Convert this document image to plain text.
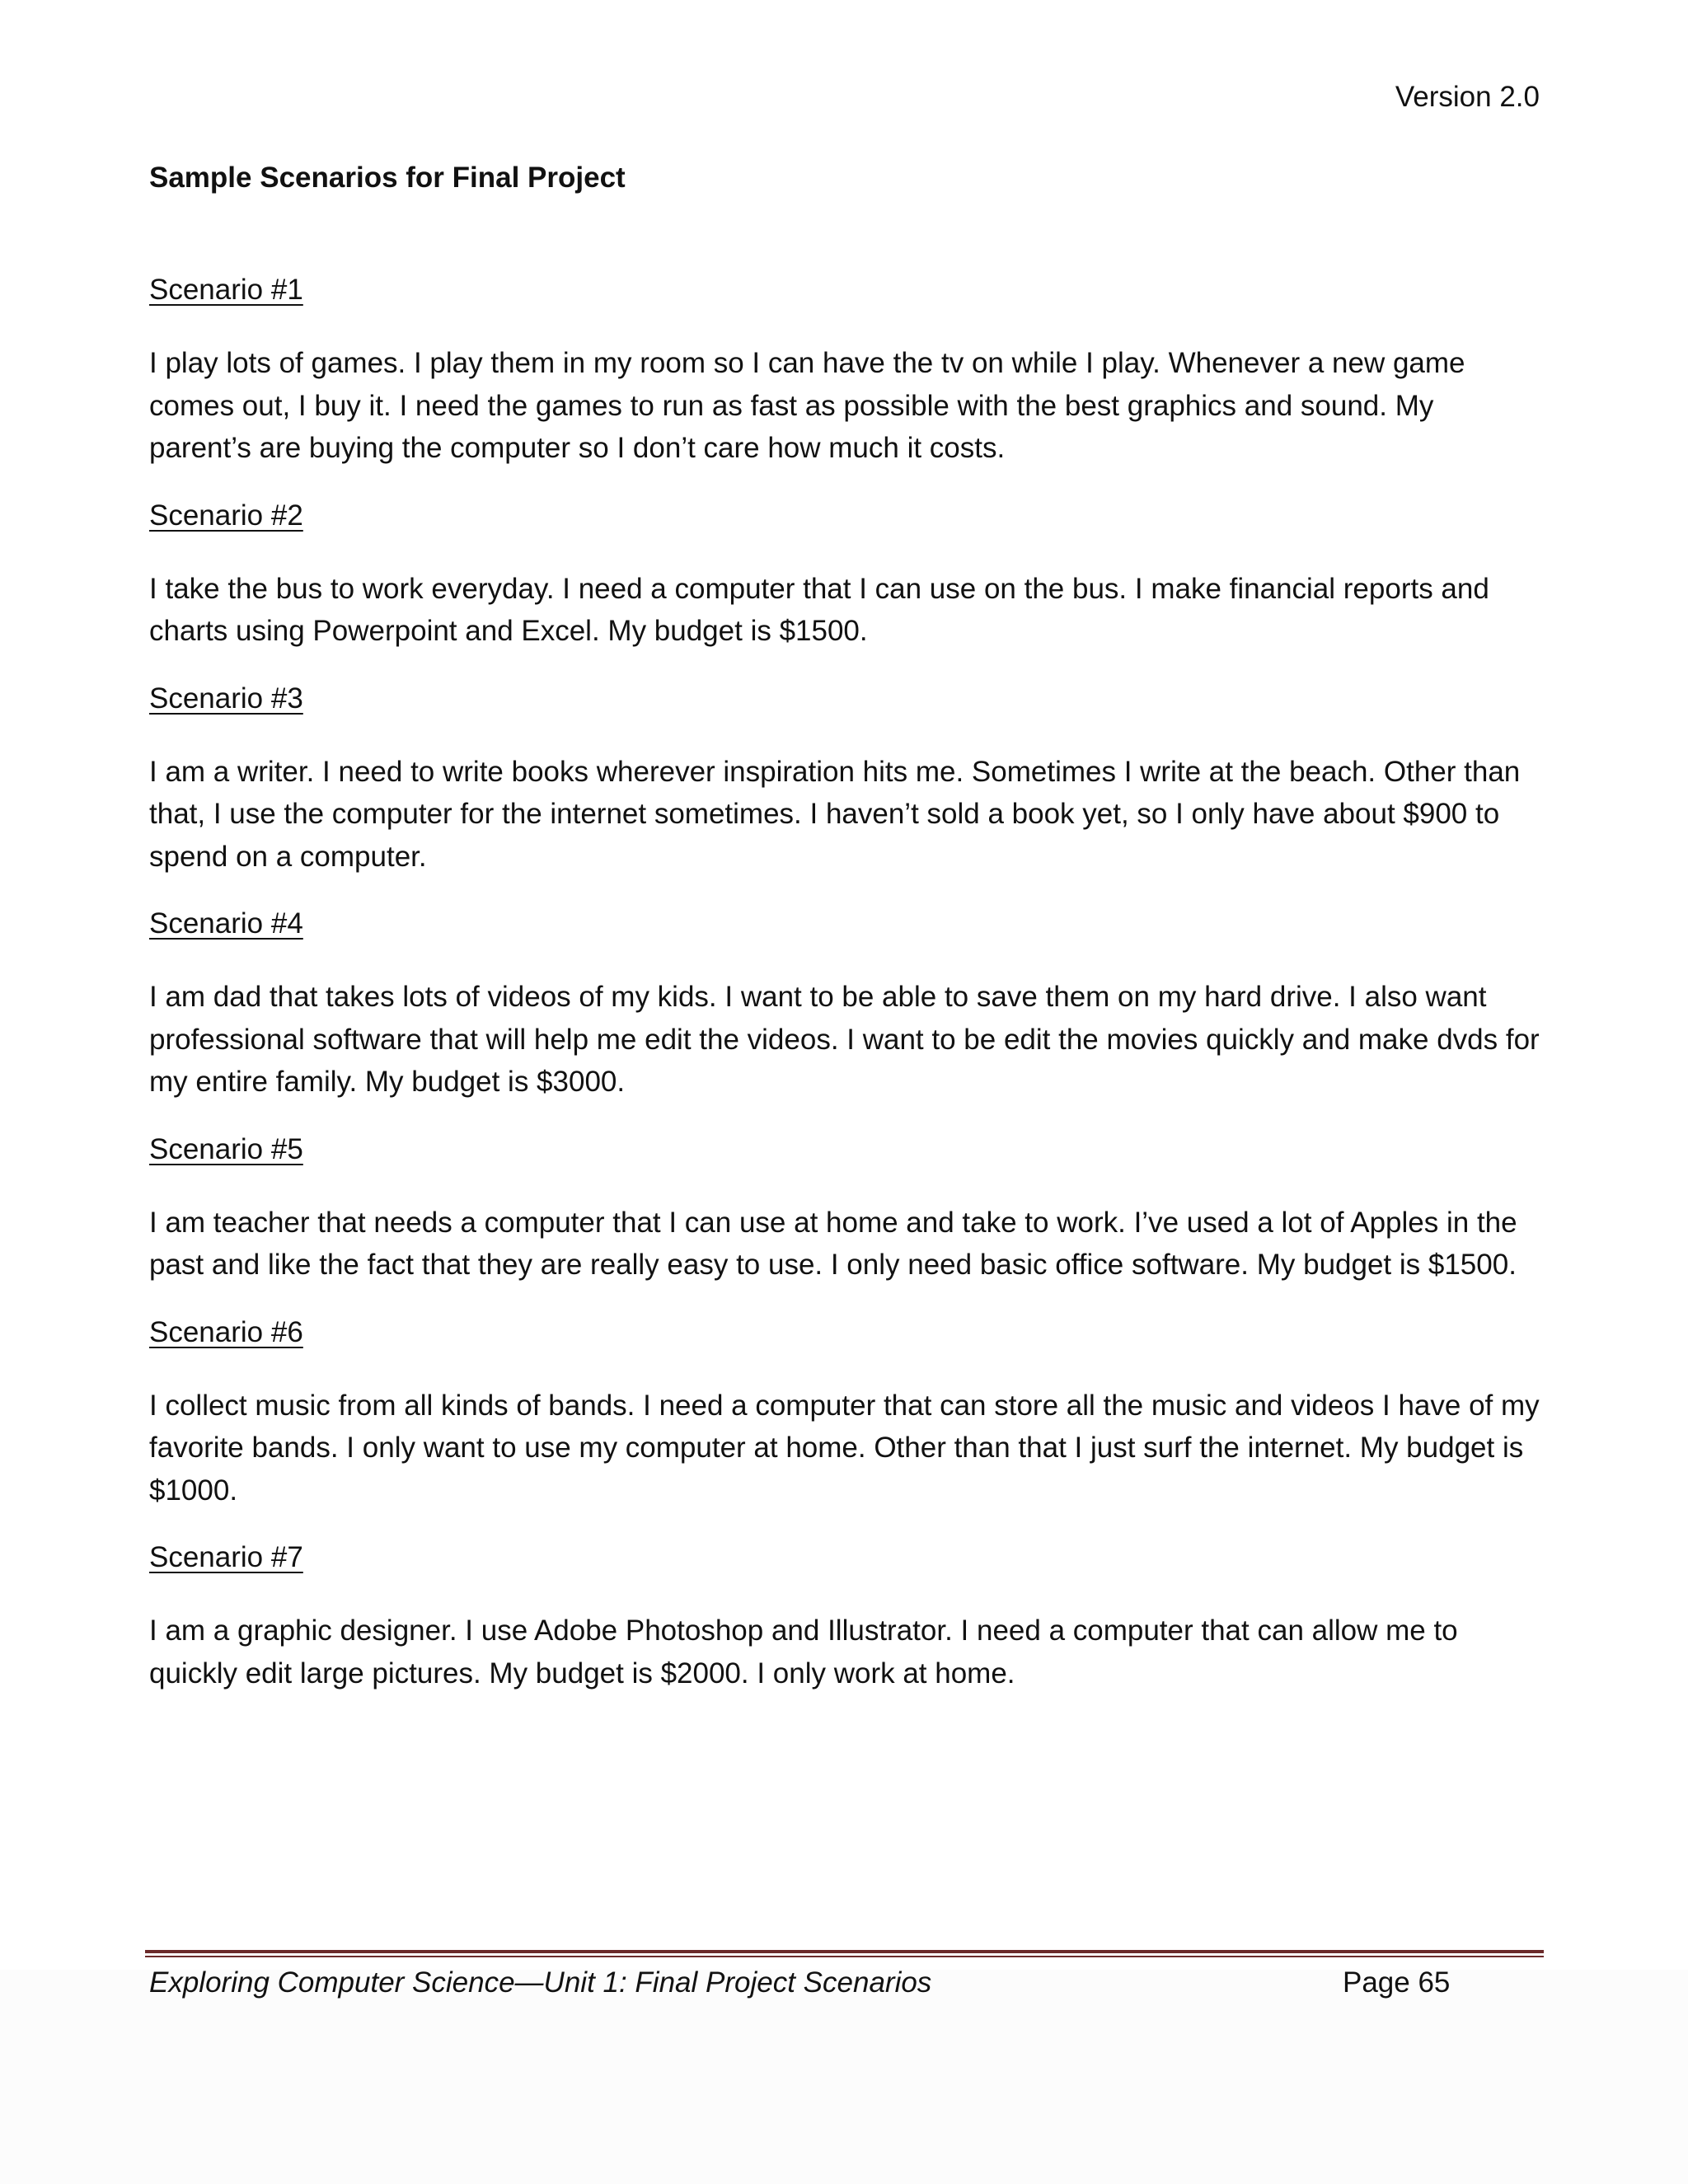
Version 2.0
Sample Scenarios for Final Project
Scenario #1

I play lots of games. I play them in my room so I can have the tv on while I play. Whenever a new game comes out, I buy it. I need the games to run as fast as possible with the best graphics and sound. My parent’s are buying the computer so I don’t care how much it costs.

Scenario #2

I take the bus to work everyday. I need a computer that I can use on the bus. I make financial reports and charts using Powerpoint and Excel. My budget is $1500.

Scenario #3

I am a writer. I need to write books wherever inspiration hits me. Sometimes I write at the beach. Other than that, I use the computer for the internet sometimes. I haven’t sold a book yet, so I only have about $900 to spend on a computer.

Scenario #4

I am dad that takes lots of videos of my kids. I want to be able to save them on my hard drive. I also want professional software that will help me edit the videos. I want to be edit the movies quickly and make dvds for my entire family. My budget is $3000.

Scenario #5

I am teacher that needs a computer that I can use at home and take to work. I’ve used a lot of Apples in the past and like the fact that they are really easy to use. I only need basic office software. My budget is $1500.

Scenario #6

I collect music from all kinds of bands. I need a computer that can store all the music and videos I have of my favorite bands. I only want to use my computer at home. Other than that I just surf the internet. My budget is $1000.

Scenario #7

I am a graphic designer. I use Adobe Photoshop and Illustrator. I need a computer that can allow me to quickly edit large pictures. My budget is $2000. I only work at home.

Exploring Computer Science—Unit 1: Final Project Scenarios	Page 65
